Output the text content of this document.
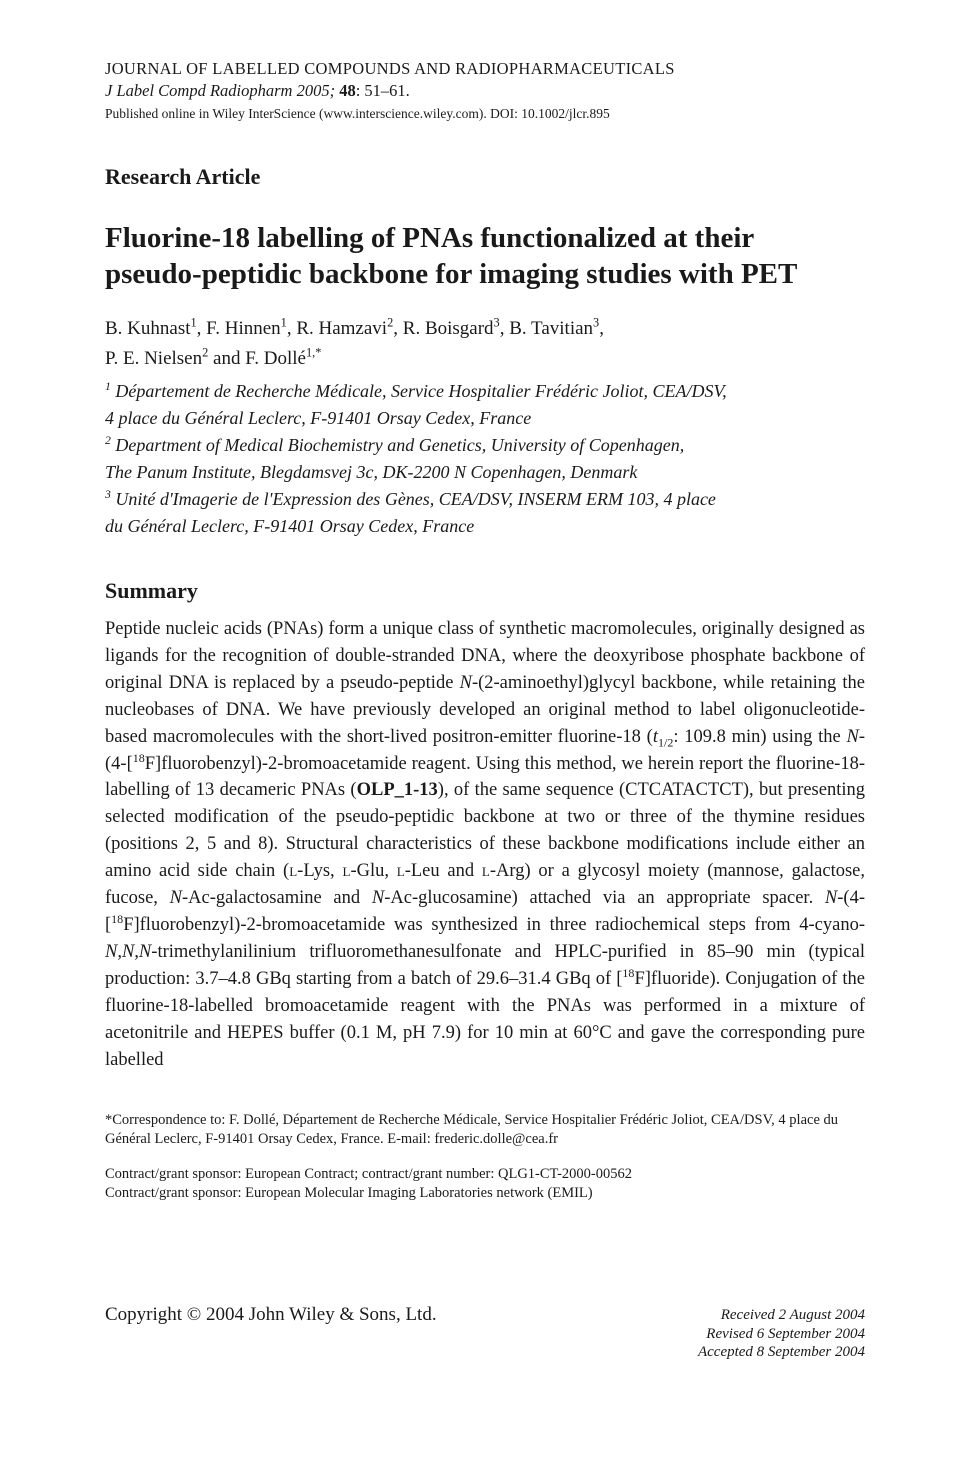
JOURNAL OF LABELLED COMPOUNDS AND RADIOPHARMACEUTICALS
J Label Compd Radiopharm 2005; 48: 51–61.
Published online in Wiley InterScience (www.interscience.wiley.com). DOI: 10.1002/jlcr.895
Research Article
Fluorine-18 labelling of PNAs functionalized at their
pseudo-peptidic backbone for imaging studies with PET
B. Kuhnast$^1$, F. Hinnen$^1$, R. Hamzavi$^2$, R. Boisgard$^3$, B. Tavitian$^3$,
P. E. Nielsen$^2$ and F. Dollé$^{1,*}$
$^1$ Département de Recherche Médicale, Service Hospitalier Frédéric Joliot, CEA/DSV,
4 place du Général Leclerc, F-91401 Orsay Cedex, France
$^2$ Department of Medical Biochemistry and Genetics, University of Copenhagen,
The Panum Institute, Blegdamsvej 3c, DK-2200 N Copenhagen, Denmark
$^3$ Unité d'Imagerie de l'Expression des Gènes, CEA/DSV, INSERM ERM 103, 4 place
du Général Leclerc, F-91401 Orsay Cedex, France
Summary

Peptide nucleic acids (PNAs) form a unique class of synthetic macromolecules, originally designed as ligands for the recognition of double-stranded DNA, where the deoxyribose phosphate backbone of original DNA is replaced by a pseudo-peptide N-(2-aminoethyl)glycyl backbone, while retaining the nucleobases of DNA. We have previously developed an original method to label oligonucleotide-based macromolecules with the short-lived positron-emitter fluorine-18 ($t_{1/2}$: 109.8 min) using the N-(4-[$^{18}$F]fluorobenzyl)-2-bromoacetamide reagent. Using this method, we herein report the fluorine-18-labelling of 13 decameric PNAs (OLP_1-13), of the same sequence (CTCATACTCT), but presenting selected modification of the pseudo-peptidic backbone at two or three of the thymine residues (positions 2, 5 and 8). Structural characteristics of these backbone modifications include either an amino acid side chain (l-Lys, l-Glu, l-Leu and l-Arg) or a glycosyl moiety (mannose, galactose, fucose, N-Ac-galactosamine and N-Ac-glucosamine) attached via an appropriate spacer. N-(4-[$^{18}$F]fluorobenzyl)-2-bromoacetamide was synthesized in three radiochemical steps from 4-cyano-N,N,N-trimethylanilinium trifluoromethanesulfonate and HPLC-purified in 85–90 min (typical production: 3.7–4.8 GBq starting from a batch of 29.6–31.4 GBq of [$^{18}$F]fluoride). Conjugation of the fluorine-18-labelled bromoacetamide reagent with the PNAs was performed in a mixture of acetonitrile and HEPES buffer (0.1 M, pH 7.9) for 10 min at 60°C and gave the corresponding pure labelled

*Correspondence to: F. Dollé, Département de Recherche Médicale, Service Hospitalier Frédéric Joliot, CEA/DSV, 4 place du Général Leclerc, F-91401 Orsay Cedex, France. E-mail: frederic.dolle@cea.fr

Contract/grant sponsor: European Contract; contract/grant number: QLG1-CT-2000-00562

Contract/grant sponsor: European Molecular Imaging Laboratories network (EMIL)

Copyright © 2004 John Wiley & Sons, Ltd.	Received 2 August 2004
Revised 6 September 2004
Accepted 8 September 2004
